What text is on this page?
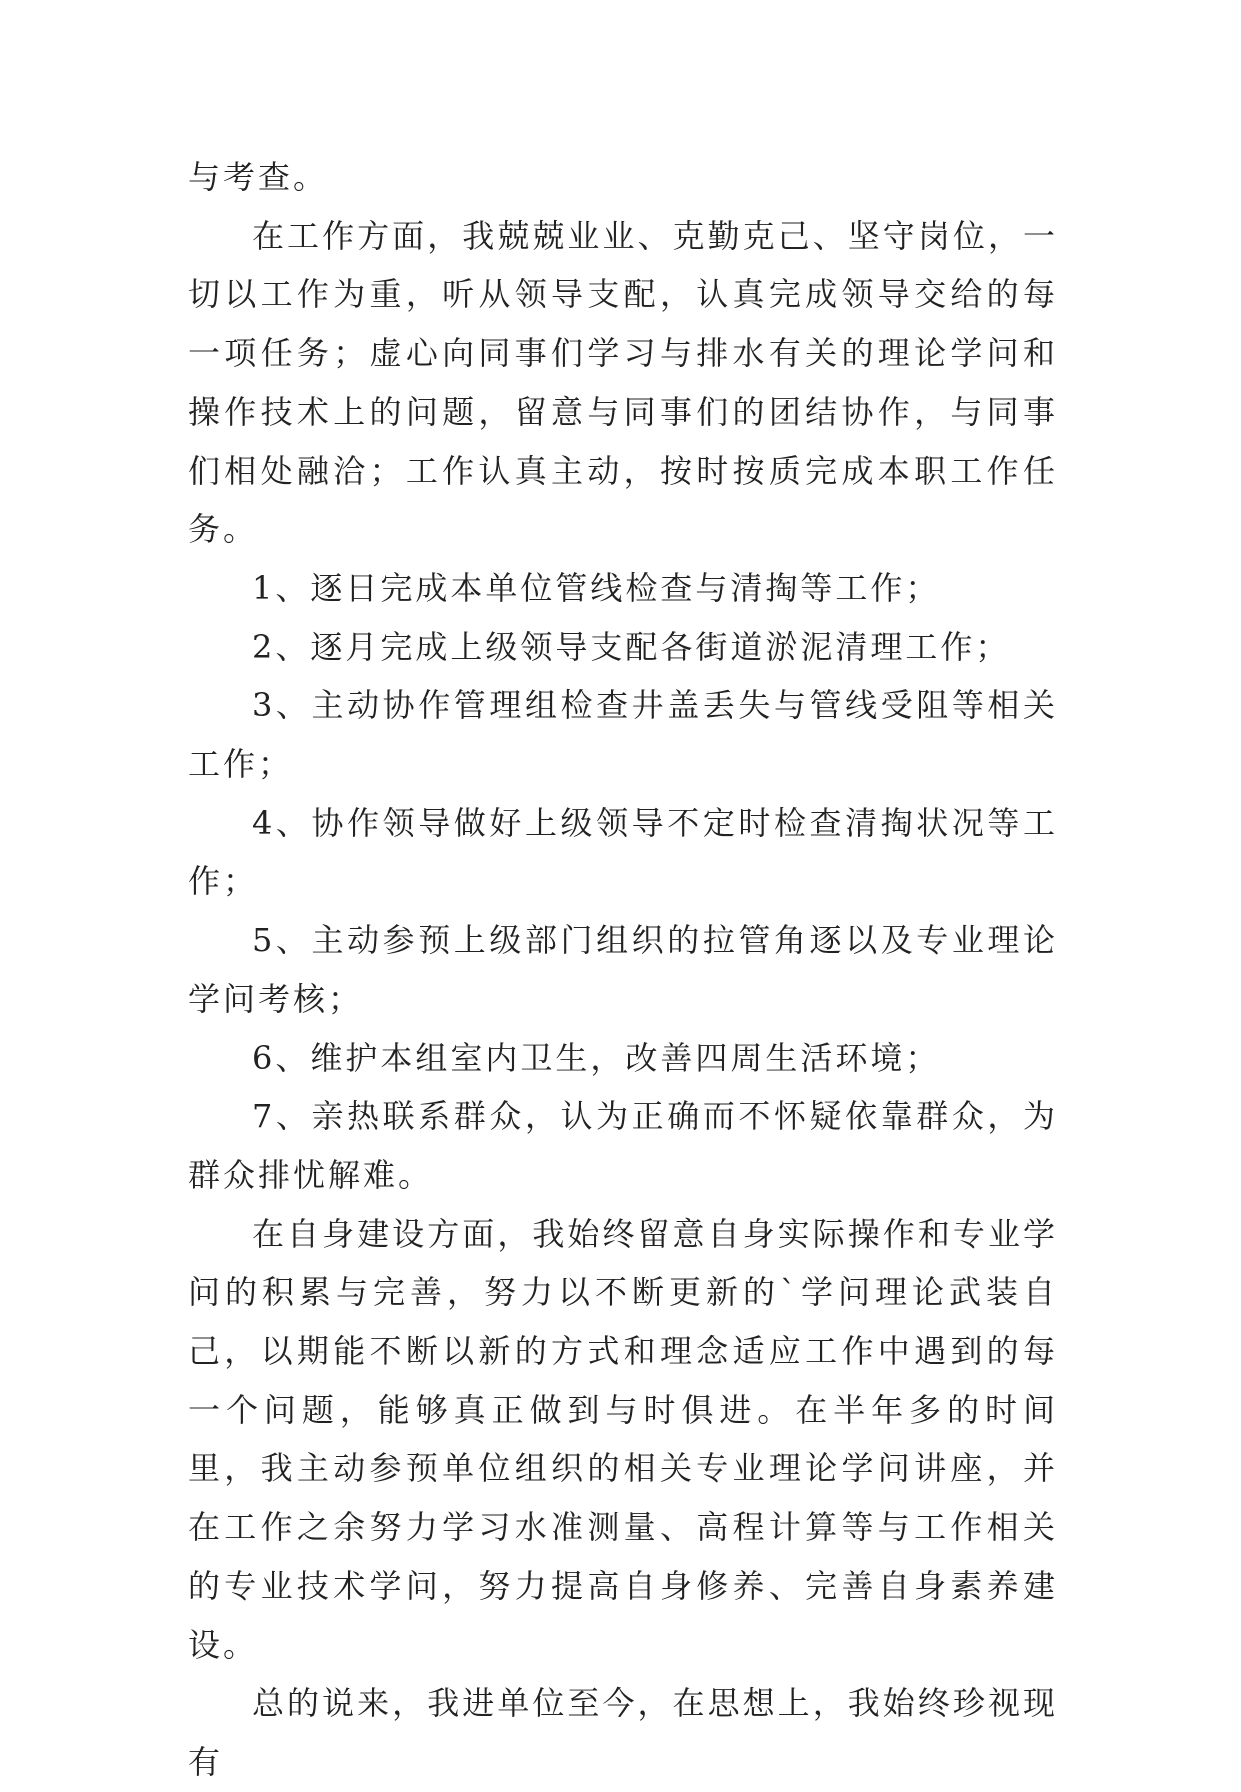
与考查。

在工作方面，我兢兢业业、克勤克己、坚守岗位，一切以工作为重，听从领导支配，认真完成领导交给的每一项任务；虚心向同事们学习与排水有关的理论学问和操作技术上的问题，留意与同事们的团结协作，与同事们相处融洽；工作认真主动，按时按质完成本职工作任务。

1、逐日完成本单位管线检查与清掏等工作；

2、逐月完成上级领导支配各街道淤泥清理工作；

3、主动协作管理组检查井盖丢失与管线受阻等相关工作；

4、协作领导做好上级领导不定时检查清掏状况等工作；

5、主动参预上级部门组织的拉管角逐以及专业理论学问考核；

6、维护本组室内卫生，改善四周生活环境；

7、亲热联系群众，认为正确而不怀疑依靠群众，为群众排忧解难。

在自身建设方面，我始终留意自身实际操作和专业学问的积累与完善，努力以不断更新的`学问理论武装自己，以期能不断以新的方式和理念适应工作中遇到的每一个问题，能够真正做到与时俱进。在半年多的时间里，我主动参预单位组织的相关专业理论学问讲座，并在工作之余努力学习水准测量、高程计算等与工作相关的专业技术学问，努力提高自身修养、完善自身素养建设。

总的说来，我进单位至今，在思想上，我始终珍视现有
